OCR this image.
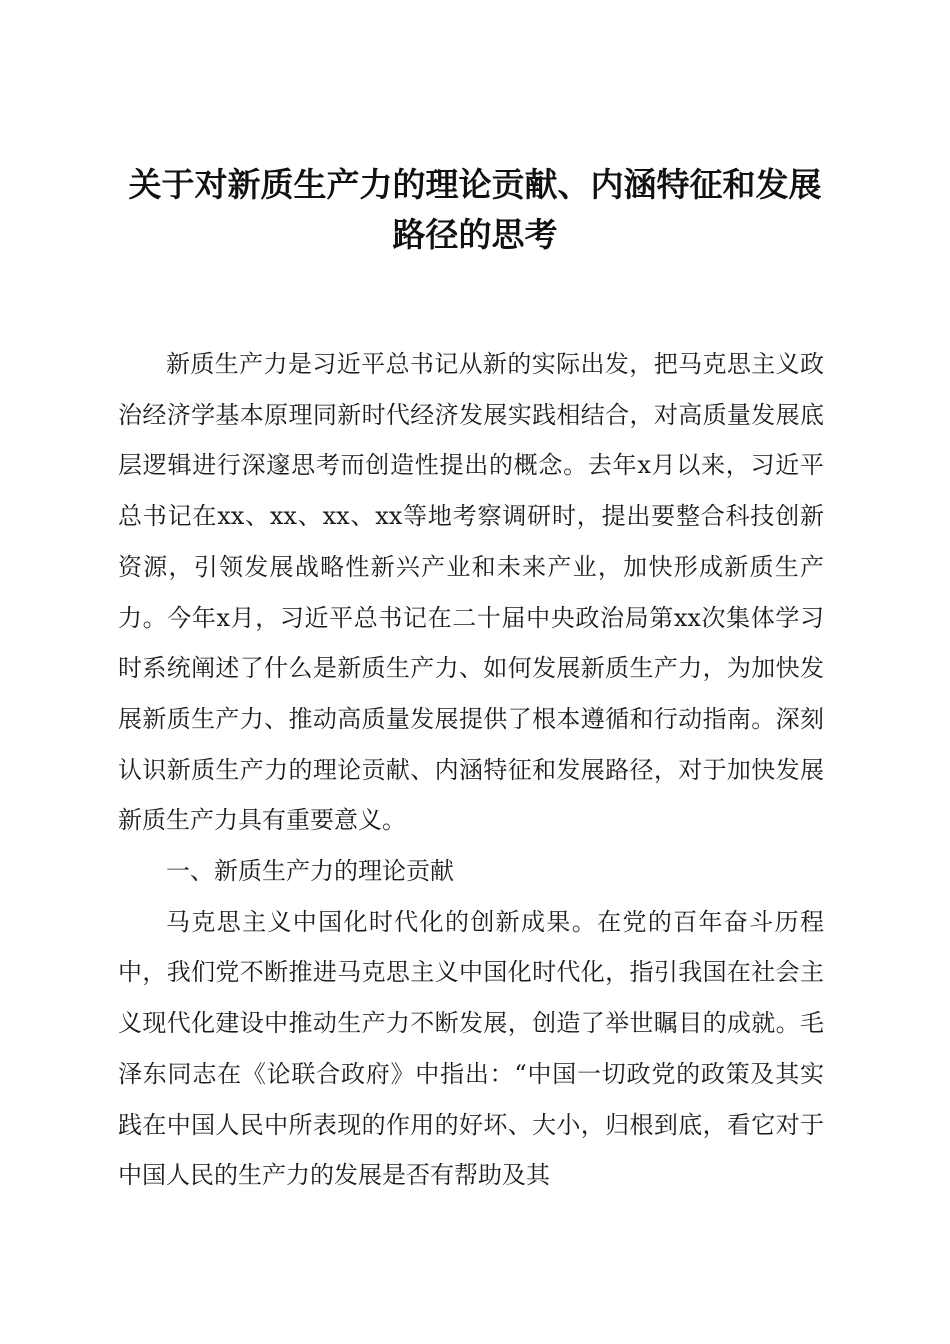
关于对新质生产力的理论贡献、内涵特征和发展路径的思考

新质生产力是习近平总书记从新的实际出发，把马克思主义政治经济学基本原理同新时代经济发展实践相结合，对高质量发展底层逻辑进行深邃思考而创造性提出的概念。去年x月以来，习近平总书记在xx、xx、xx、xx等地考察调研时，提出要整合科技创新资源，引领发展战略性新兴产业和未来产业，加快形成新质生产力。今年x月，习近平总书记在二十届中央政治局第xx次集体学习时系统阐述了什么是新质生产力、如何发展新质生产力，为加快发展新质生产力、推动高质量发展提供了根本遵循和行动指南。深刻认识新质生产力的理论贡献、内涵特征和发展路径，对于加快发展新质生产力具有重要意义。

一、新质生产力的理论贡献

马克思主义中国化时代化的创新成果。在党的百年奋斗历程中，我们党不断推进马克思主义中国化时代化，指引我国在社会主义现代化建设中推动生产力不断发展，创造了举世瞩目的成就。毛泽东同志在《论联合政府》中指出：“中国一切政党的政策及其实践在中国人民中所表现的作用的好坏、大小，归根到底，看它对于中国人民的生产力的发展是否有帮助及其
